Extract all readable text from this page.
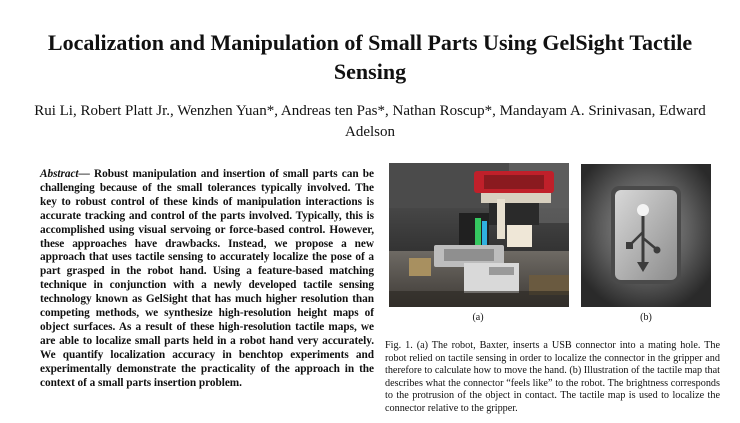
Localization and Manipulation of Small Parts Using GelSight Tactile Sensing
Rui Li, Robert Platt Jr., Wenzhen Yuan*, Andreas ten Pas*, Nathan Roscup*, Mandayam A. Srinivasan, Edward Adelson
Abstract— Robust manipulation and insertion of small parts can be challenging because of the small tolerances typically involved. The key to robust control of these kinds of manipulation interactions is accurate tracking and control of the parts involved. Typically, this is accomplished using visual servoing or force-based control. However, these approaches have drawbacks. Instead, we propose a new approach that uses tactile sensing to accurately localize the pose of a part grasped in the robot hand. Using a feature-based matching technique in conjunction with a newly developed tactile sensing technology known as GelSight that has much higher resolution than competing methods, we synthesize high-resolution height maps of object surfaces. As a result of these high-resolution tactile maps, we are able to localize small parts held in a robot hand very accurately. We quantify localization accuracy in benchtop experiments and experimentally demonstrate the practicality of the approach in the context of a small parts insertion problem.
(a)	(b)
Fig. 1. (a) The robot, Baxter, inserts a USB connector into a mating hole. The robot relied on tactile sensing in order to localize the connector in the gripper and therefore to calculate how to move the hand. (b) Illustration of the tactile map that describes what the connector “feels like” to the robot. The brightness corresponds to the protrusion of the object in contact. The tactile map is used to localize the connector relative to the gripper.
